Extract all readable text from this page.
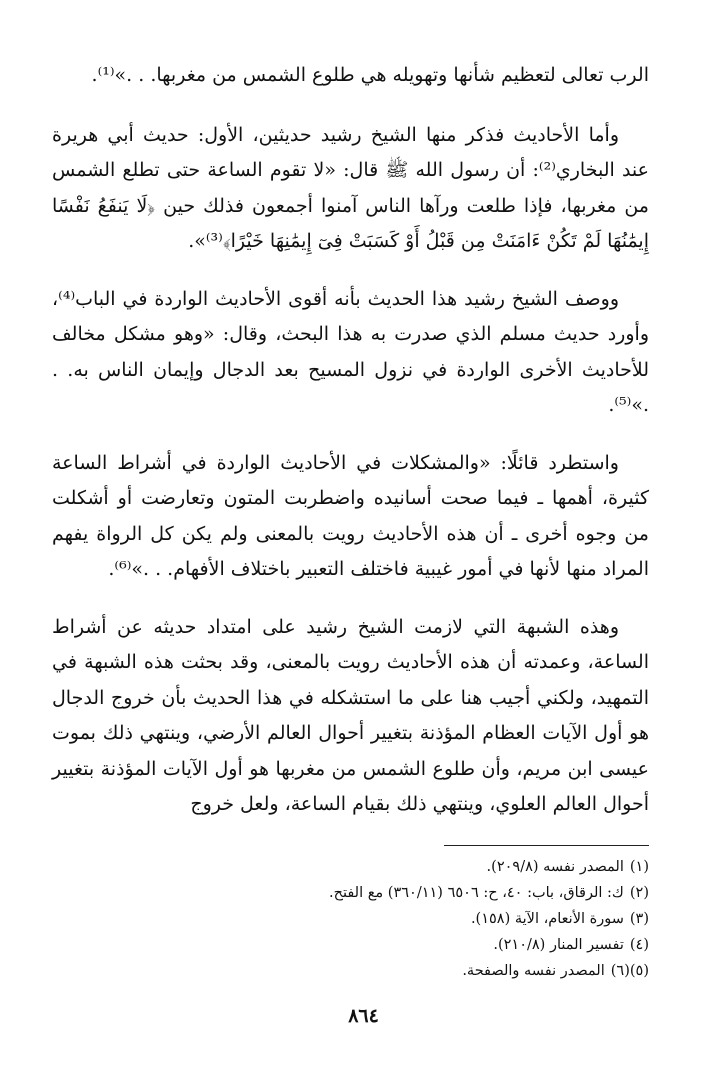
الرب تعالى لتعظيم شأنها وتهويله هي طلوع الشمس من مغربها. . .»⁽¹⁾.

وأما الأحاديث فذكر منها الشيخ رشيد حديثين، الأول: حديث أبي هريرة عند البخاري⁽²⁾: أن رسول الله ﷺ قال: «لا تقوم الساعة حتى تطلع الشمس من مغربها، فإذا طلعت ورآها الناس آمنوا أجمعون فذلك حين ﴿لَا يَنفَعُ نَفْسًا إِيمَٰنُهَا لَمْ تَكُنْ ءَامَنَتْ مِن قَبْلُ أَوْ كَسَبَتْ فِىٓ إِيمَٰنِهَا خَيْرًا﴾⁽³⁾».

ووصف الشيخ رشيد هذا الحديث بأنه أقوى الأحاديث الواردة في الباب⁽⁴⁾، وأورد حديث مسلم الذي صدرت به هذا البحث، وقال: «وهو مشكل مخالف للأحاديث الأخرى الواردة في نزول المسيح بعد الدجال وإيمان الناس به. . .»⁽⁵⁾.

واستطرد قائلًا: «والمشكلات في الأحاديث الواردة في أشراط الساعة كثيرة، أهمها ـ فيما صحت أسانيده واضطربت المتون وتعارضت أو أشكلت من وجوه أخرى ـ أن هذه الأحاديث رويت بالمعنى ولم يكن كل الرواة يفهم المراد منها لأنها في أمور غيبية فاختلف التعبير باختلاف الأفهام. . .»⁽⁶⁾.

وهذه الشبهة التي لازمت الشيخ رشيد على امتداد حديثه عن أشراط الساعة، وعمدته أن هذه الأحاديث رويت بالمعنى، وقد بحثت هذه الشبهة في التمهيد، ولكني أجيب هنا على ما استشكله في هذا الحديث بأن خروج الدجال هو أول الآيات العظام المؤذنة بتغيير أحوال العالم الأرضي، وينتهي ذلك بموت عيسى ابن مريم، وأن طلوع الشمس من مغربها هو أول الآيات المؤذنة بتغيير أحوال العالم العلوي، وينتهي ذلك بقيام الساعة، ولعل خروج

(١)المصدر نفسه (٢٠٩/٨).
(٢)ك: الرقاق، باب: ٤٠، ح: ٦٥٠٦ (٣٦٠/١١) مع الفتح.
(٣)سورة الأنعام، الآية (١٥٨).
(٤)تفسير المنار (٢١٠/٨).
(٥)(٦)المصدر نفسه والصفحة.
٨٦٤
